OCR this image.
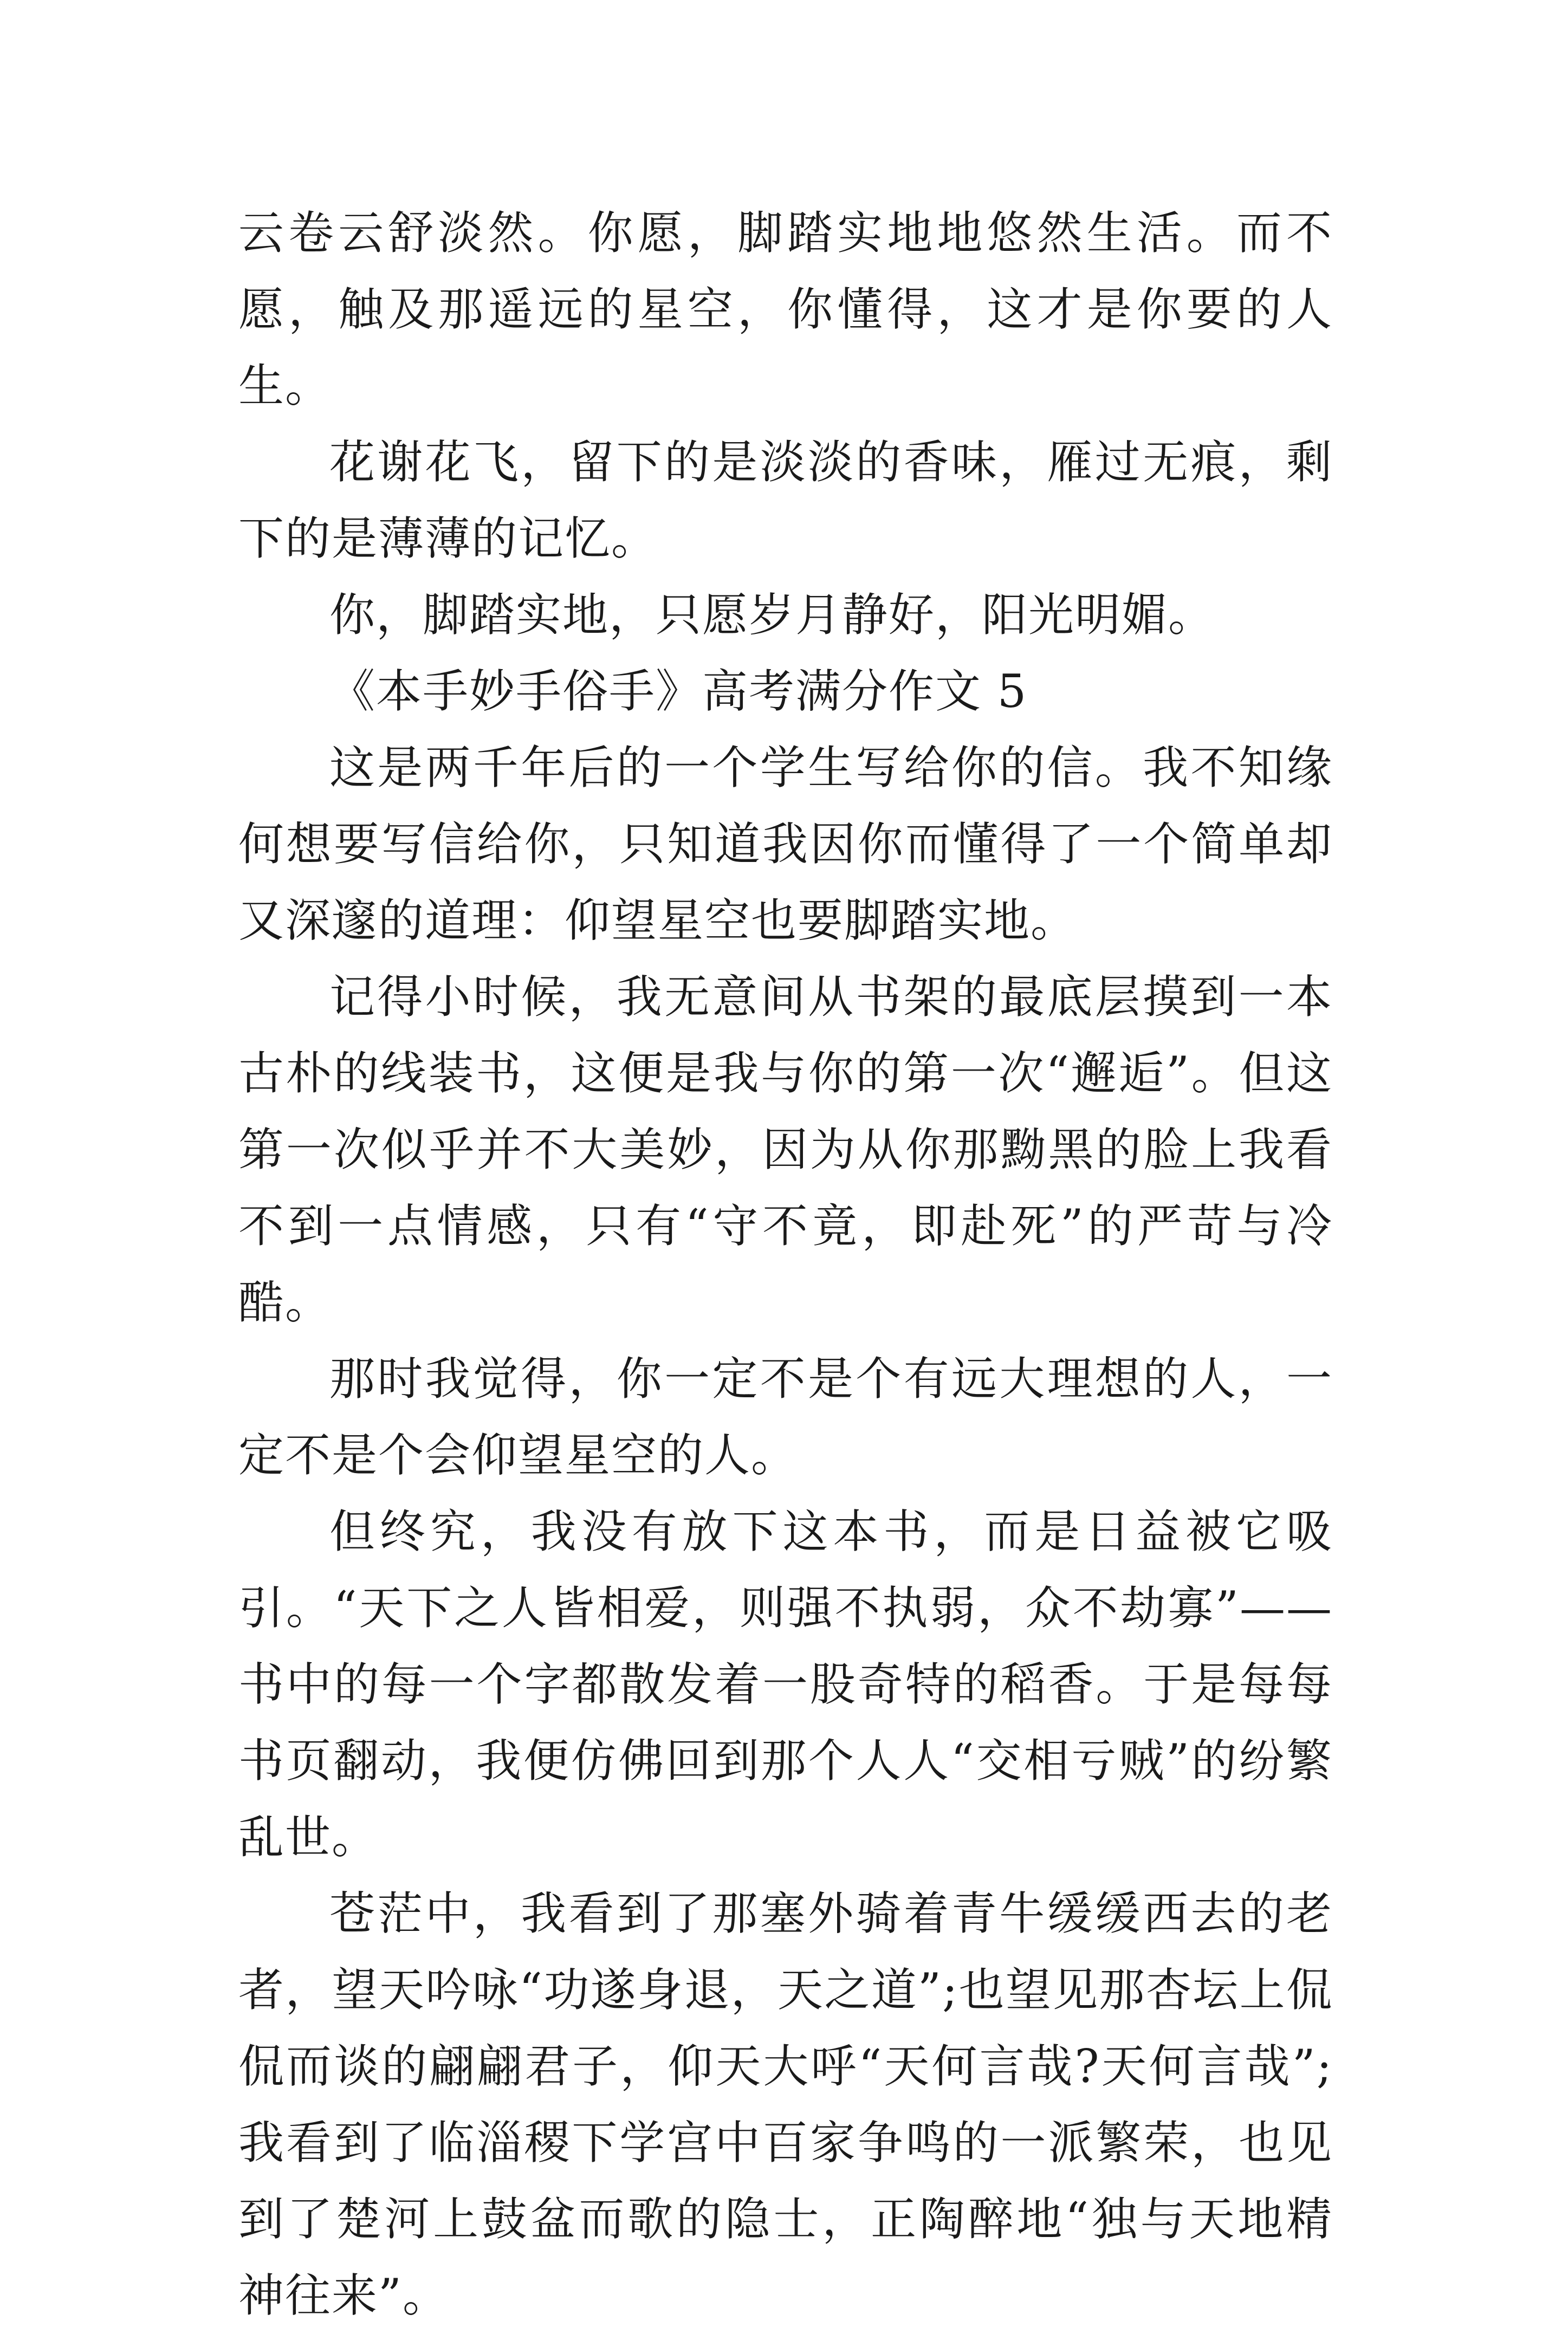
云卷云舒淡然。你愿，脚踏实地地悠然生活。而不愿，触及那遥远的星空，你懂得，这才是你要的人生。

花谢花飞，留下的是淡淡的香味，雁过无痕，剩下的是薄薄的记忆。

你，脚踏实地，只愿岁月静好，阳光明媚。

《本手妙手俗手》高考满分作文 5

这是两千年后的一个学生写给你的信。我不知缘何想要写信给你，只知道我因你而懂得了一个简单却又深邃的道理：仰望星空也要脚踏实地。

记得小时候，我无意间从书架的最底层摸到一本古朴的线装书，这便是我与你的第一次“邂逅”。但这第一次似乎并不大美妙，因为从你那黝黑的脸上我看不到一点情感，只有“守不竟，即赴死”的严苛与冷酷。

那时我觉得，你一定不是个有远大理想的人，一定不是个会仰望星空的人。

但终究，我没有放下这本书，而是日益被它吸引。“天下之人皆相爱，则强不执弱，众不劫寡”——书中的每一个字都散发着一股奇特的稻香。于是每每书页翻动，我便仿佛回到那个人人“交相亏贼”的纷繁乱世。

苍茫中，我看到了那塞外骑着青牛缓缓西去的老者，望天吟咏“功遂身退，天之道”;也望见那杏坛上侃侃而谈的翩翩君子，仰天大呼“天何言哉?天何言哉”;我看到了临淄稷下学宫中百家争鸣的一派繁荣，也见到了楚河上鼓盆而歌的隐士，正陶醉地“独与天地精神往来”。
